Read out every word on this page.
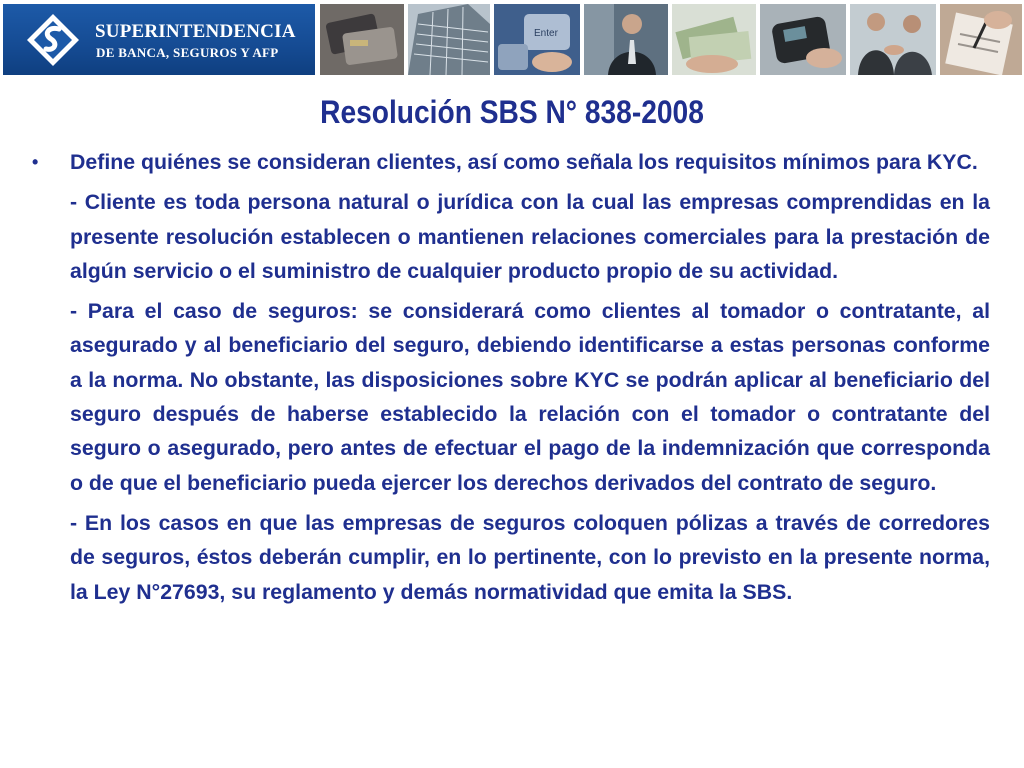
SUPERINTENDENCIA
DE BANCA, SEGUROS Y AFP
Enter
Resolución SBS N° 838-2008
•	Define quiénes se consideran clientes, así como señala los requisitos mínimos para KYC.

- Cliente es toda persona natural o jurídica con la cual las empresas comprendidas en la presente resolución establecen o mantienen relaciones comerciales para la prestación de algún servicio o el suministro de cualquier producto propio de su actividad.

- Para el caso de seguros: se considerará como clientes al tomador o contratante, al asegurado y al beneficiario del seguro, debiendo identificarse a estas personas conforme a la norma. No obstante, las disposiciones sobre KYC se podrán aplicar al beneficiario del seguro después de haberse establecido la relación con el tomador o contratante del seguro o asegurado, pero antes de efectuar el pago de la indemnización que corresponda o de que el beneficiario pueda ejercer los derechos derivados del contrato de seguro.

- En los casos en que las empresas de seguros coloquen pólizas a través de corredores de seguros, éstos deberán cumplir, en lo pertinente, con lo previsto en la presente norma, la Ley N°27693, su reglamento y demás normatividad que emita la SBS.
